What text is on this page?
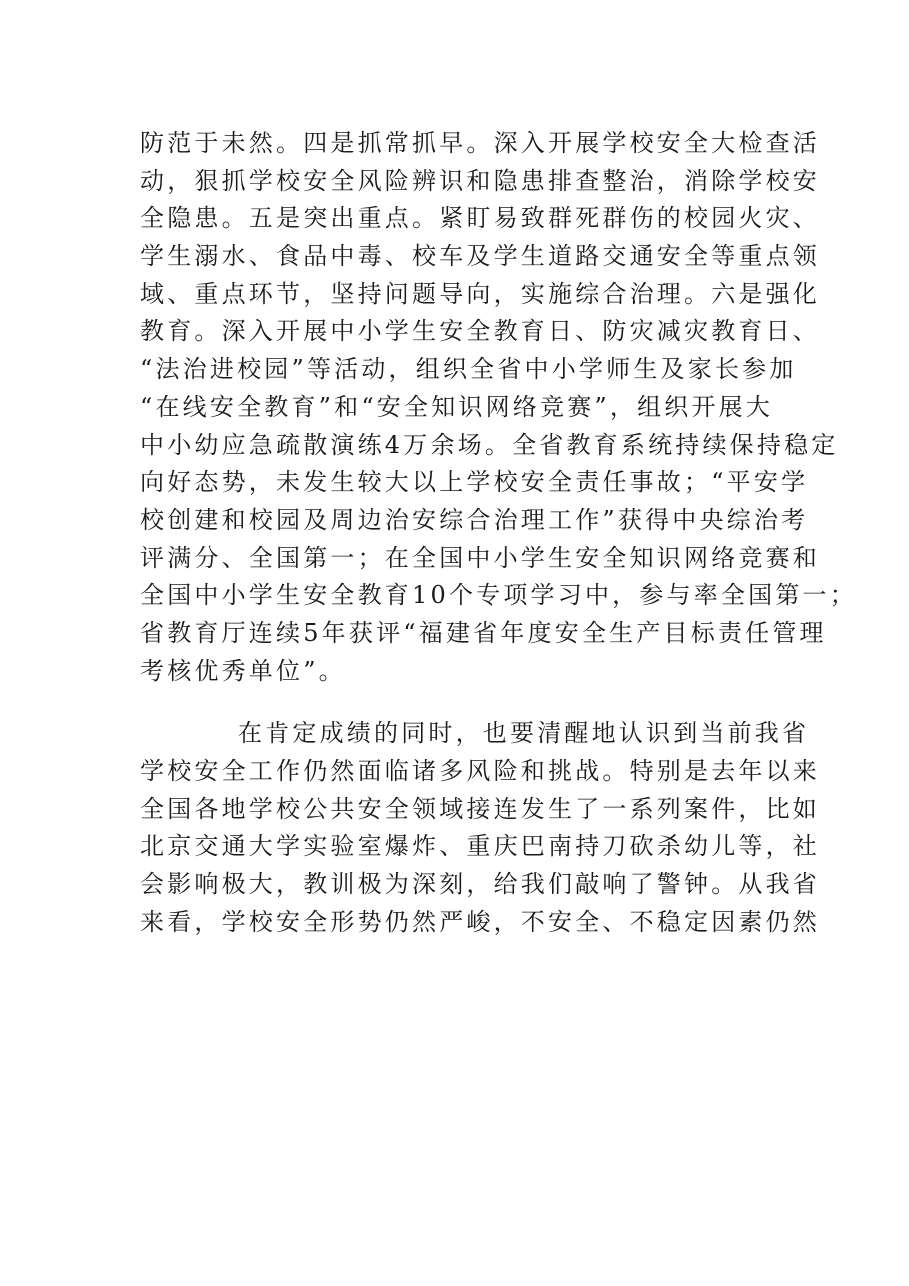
防范于未然。四是抓常抓早。深入开展学校安全大检查活
动，狠抓学校安全风险辨识和隐患排查整治，消除学校安
全隐患。五是突出重点。紧盯易致群死群伤的校园火灾、
学生溺水、食品中毒、校车及学生道路交通安全等重点领
域、重点环节，坚持问题导向，实施综合治理。六是强化
教育。深入开展中小学生安全教育日、防灾减灾教育日、
“法治进校园”等活动，组织全省中小学师生及家长参加
“在线安全教育”和“安全知识网络竞赛”，组织开展大
中小幼应急疏散演练4万余场。全省教育系统持续保持稳定
向好态势，未发生较大以上学校安全责任事故；“平安学
校创建和校园及周边治安综合治理工作”获得中央综治考
评满分、全国第一；在全国中小学生安全知识网络竞赛和
全国中小学生安全教育10个专项学习中，参与率全国第一；
省教育厅连续5年获评“福建省年度安全生产目标责任管理
考核优秀单位”。
在肯定成绩的同时，也要清醒地认识到当前我省
学校安全工作仍然面临诸多风险和挑战。特别是去年以来
全国各地学校公共安全领域接连发生了一系列案件，比如
北京交通大学实验室爆炸、重庆巴南持刀砍杀幼儿等，社
会影响极大，教训极为深刻，给我们敲响了警钟。从我省
来看，学校安全形势仍然严峻，不安全、不稳定因素仍然
